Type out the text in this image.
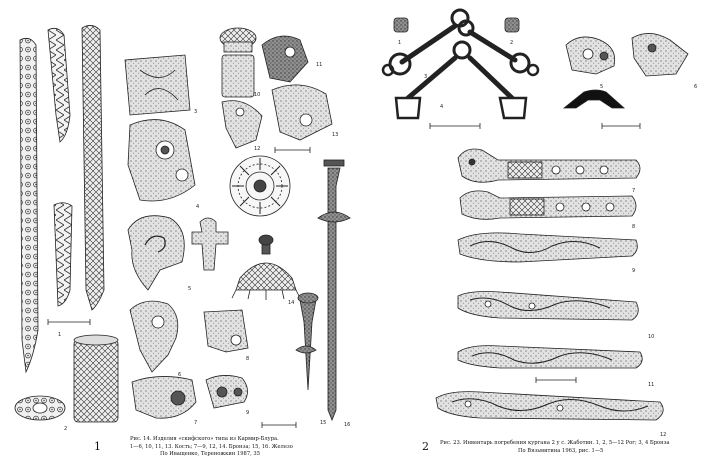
1
2
3
4
5
6
7
8
9
10
11
12
13
14
15	16
1	2
3
4
5	6
7
8
9
10
11
12
1
Рис. 14. Изделия «скифского» типа из Кармир-Блура.
1—6, 10, 11, 13. Кость; 7—9, 12, 14. Бронза; 15, 16. Железо
По Иващенко, Тереножкин 1987, 35
2 Рис. 23. Инвентарь погребения кургана 2 у с. Жаботин. 1, 2, 5—12 Рог; 3, 4 Бронза
По Вязьмитина 1963, рис. 1—5
